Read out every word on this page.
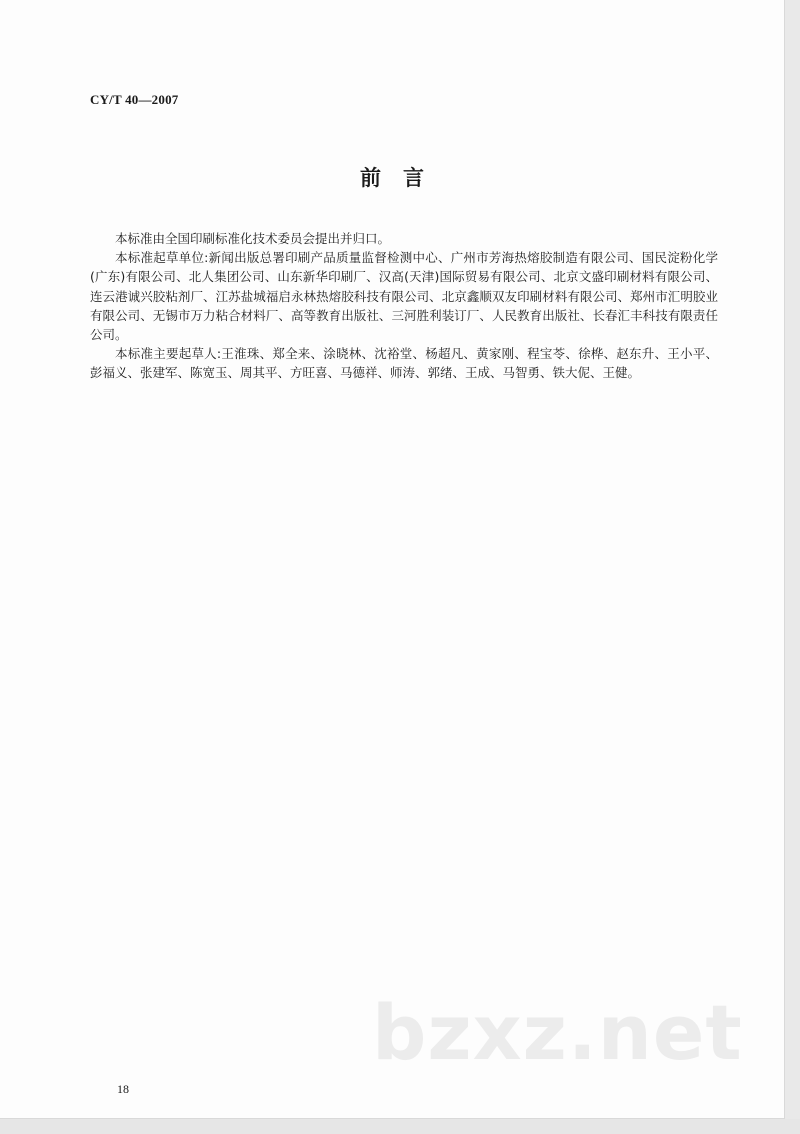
CY/T 40—2007
前言

本标准由全国印刷标准化技术委员会提出并归口。

本标准起草单位:新闻出版总署印刷产品质量监督检测中心、广州市芳海热熔胶制造有限公司、国民淀粉化学(广东)有限公司、北人集团公司、山东新华印刷厂、汉高(天津)国际贸易有限公司、北京文盛印刷材料有限公司、连云港诚兴胶粘剂厂、江苏盐城福启永林热熔胶科技有限公司、北京鑫顺双友印刷材料有限公司、郑州市汇明胶业有限公司、无锡市万力粘合材料厂、高等教育出版社、三河胜利装订厂、人民教育出版社、长春汇丰科技有限责任公司。

本标准主要起草人:王淮珠、郑全来、涂晓林、沈裕堂、杨超凡、黄家刚、程宝苓、徐桦、赵东升、王小平、彭福义、张建军、陈宽玉、周其平、方旺喜、马德祥、师涛、郭绪、王成、马智勇、铁大伲、王健。

18
bzxz.net
